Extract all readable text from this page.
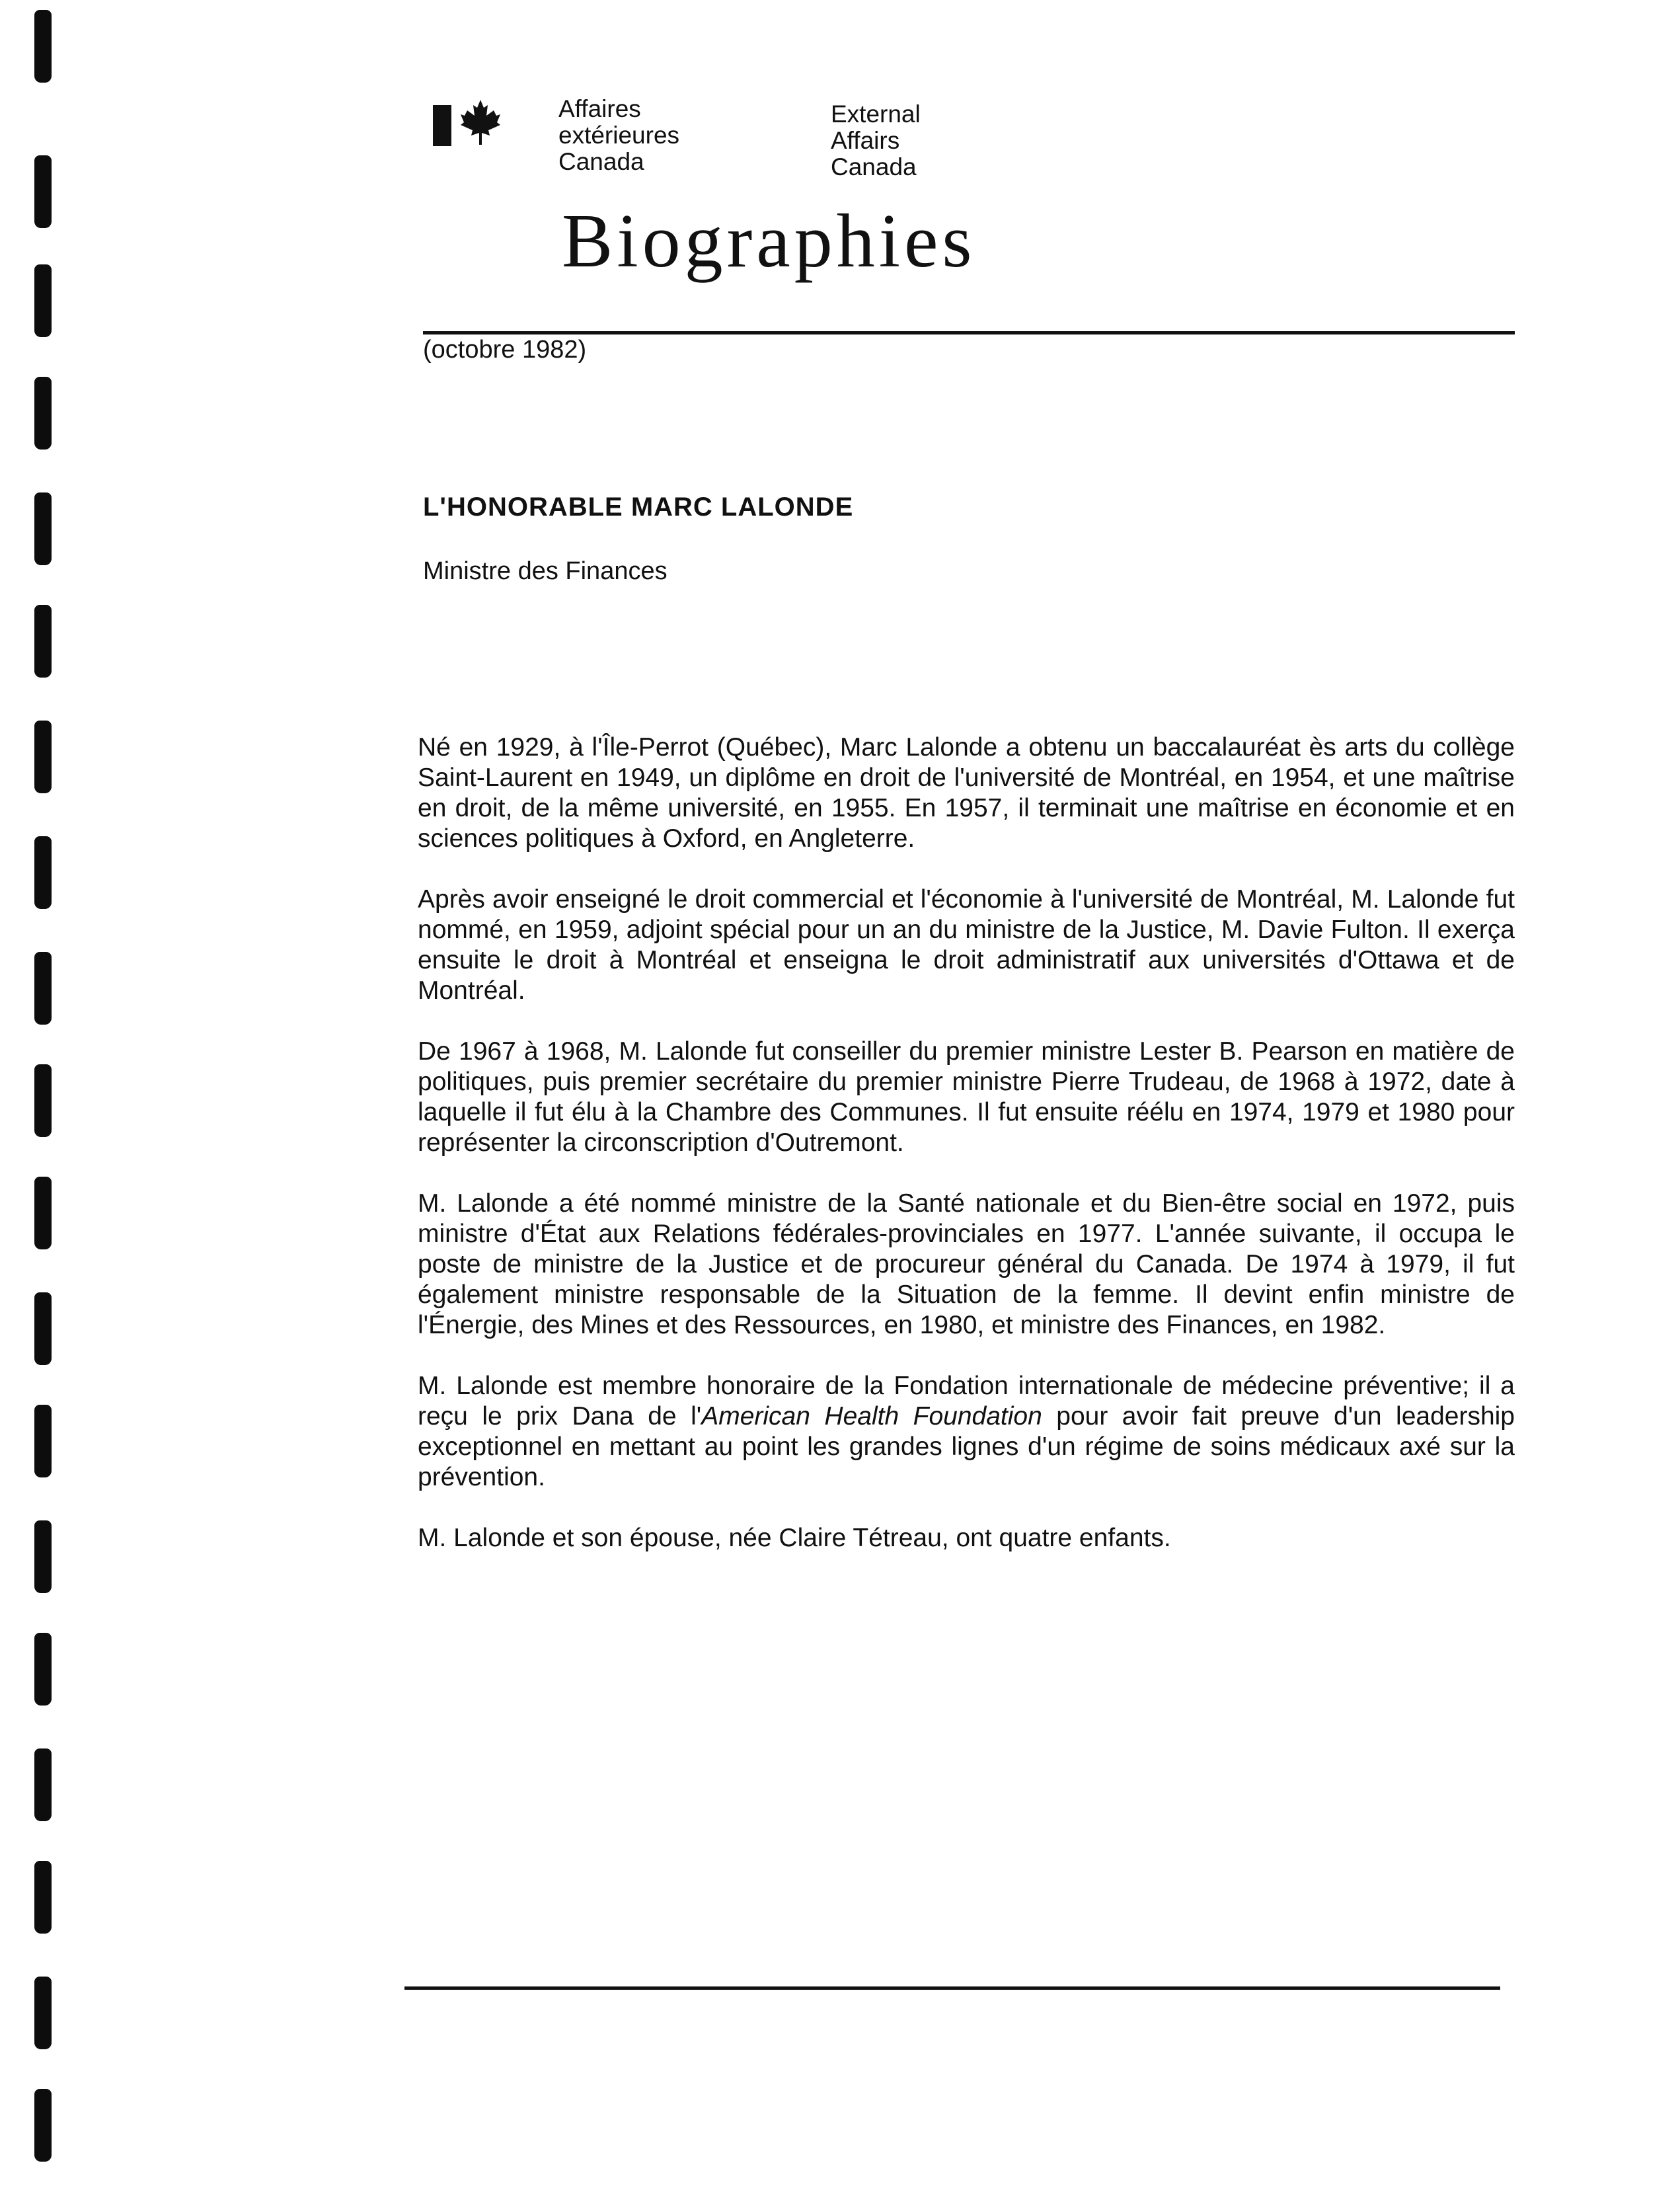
Affaires extérieures
Canada
External Affairs
Canada
Biographies
(octobre 1982)
L'HONORABLE MARC LALONDE
Ministre des Finances

Né en 1929, à l'Île-Perrot (Québec), Marc Lalonde a obtenu un baccalauréat ès arts du collège Saint-Laurent en 1949, un diplôme en droit de l'université de Montréal, en 1954, et une maîtrise en droit, de la même université, en 1955. En 1957, il terminait une maîtrise en économie et en sciences politiques à Oxford, en Angleterre.

Après avoir enseigné le droit commercial et l'économie à l'université de Montréal, M. Lalonde fut nommé, en 1959, adjoint spécial pour un an du ministre de la Justice, M. Davie Fulton. Il exerça ensuite le droit à Montréal et enseigna le droit administratif aux universités d'Ottawa et de Montréal.

De 1967 à 1968, M. Lalonde fut conseiller du premier ministre Lester B. Pearson en matière de politiques, puis premier secrétaire du premier ministre Pierre Trudeau, de 1968 à 1972, date à laquelle il fut élu à la Chambre des Communes. Il fut ensuite réélu en 1974, 1979 et 1980 pour représenter la circonscription d'Outremont.

M. Lalonde a été nommé ministre de la Santé nationale et du Bien-être social en 1972, puis ministre d'État aux Relations fédérales-provinciales en 1977. L'année suivante, il occupa le poste de ministre de la Justice et de procureur général du Canada. De 1974 à 1979, il fut également ministre responsable de la Situation de la femme. Il devint enfin ministre de l'Énergie, des Mines et des Ressources, en 1980, et ministre des Finances, en 1982.

M. Lalonde est membre honoraire de la Fondation internationale de médecine préventive; il a reçu le prix Dana de l'American Health Foundation pour avoir fait preuve d'un leadership exceptionnel en mettant au point les grandes lignes d'un régime de soins médicaux axé sur la prévention.

M. Lalonde et son épouse, née Claire Tétreau, ont quatre enfants.
